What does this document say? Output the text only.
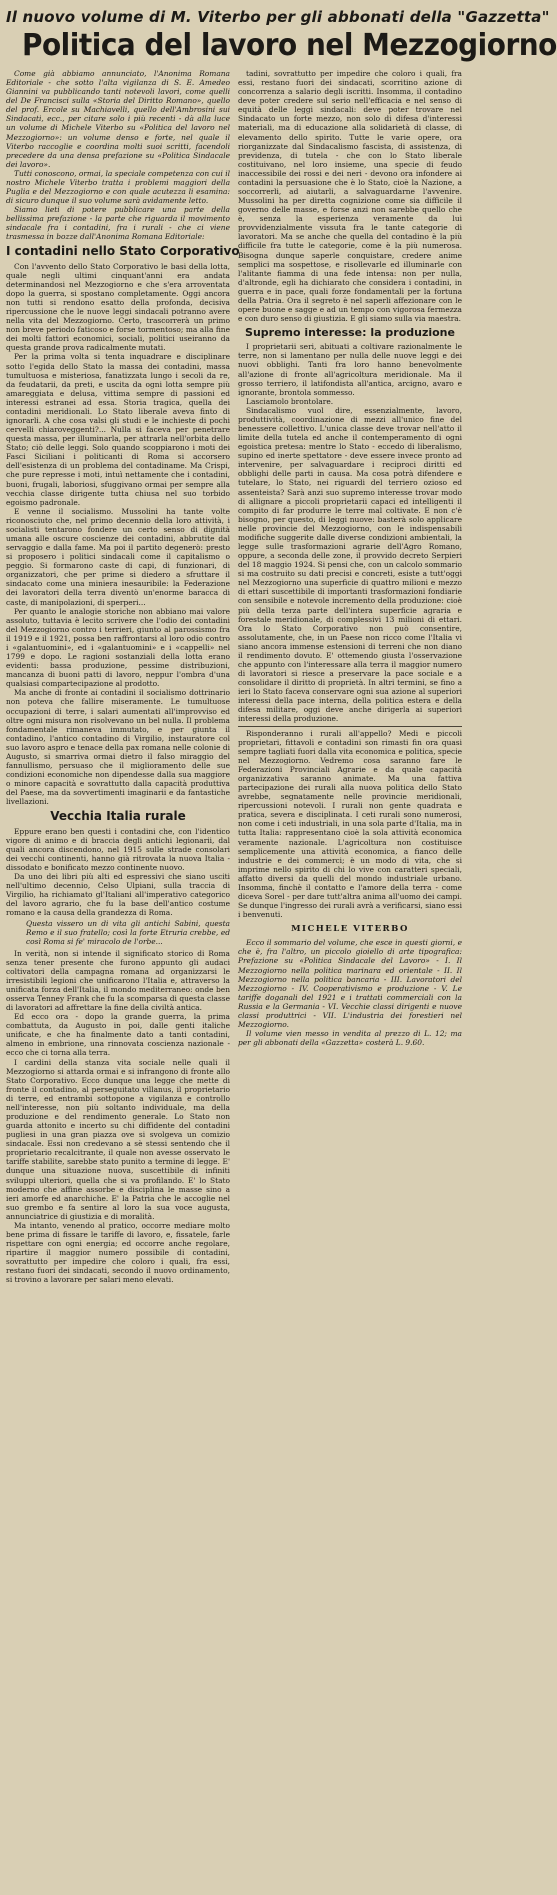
Il nuovo volume di M. Viterbo per gli abbonati della "Gazzetta"
Politica del lavoro nel Mezzogiorno

Come già abbiamo annunciato, l'Anonima Romana Editoriale - che sotto l'alta vigilanza di S. E. Amedeo Giannini va pubblicando tanti notevoli lavori, come quelli del De Francisci sulla «Storia del Diritto Romano», quello del prof. Ercole su Machiavelli, quello dell'Ambrosini sui Sindacati, ecc., per citare solo i più recenti - dà alla luce un volume di Michele Viterbo su «Politica del lavoro nel Mezzogiorno»: un volume denso e forte, nel quale il Viterbo raccoglie e coordina molti suoi scritti, facendoli precedere da una densa prefazione su «Politica Sindacale dei lavoro».

Tutti conoscono, ormai, la speciale competenza con cui il nostro Michele Viterbo tratta i problemi maggiori della Puglia e del Mezzogiorno e con quale acutezza li esamina: di sicuro dunque il suo volume sarà avidamente letto.

Siamo lieti di potere pubblicare una parte della bellissima prefazione - la parte che riguarda il movimento sindacale fra i contadini, fra i rurali - che ci viene trasmessa in bozze dall'Anonima Romana Editoriale:

I contadini nello Stato Corporativo

Con l'avvento dello Stato Corporativo le basi della lotta, quale negli ultimi cinquant'anni era andata determinandosi nel Mezzogiorno e che s'era arroventata dopo la guerra, si spostano completamente. Oggi ancora non tutti si rendono esatto della profonda, decisiva ripercussione che le nuove leggi sindacali potranno avere nella vita del Mezzogiorno. Certo, trascorrerà un primo non breve periodo faticoso e forse tormentoso; ma alla fine dei molti fattori economici, sociali, politici useiranno da questa grande prova radicalmente mutati.

Per la prima volta si tenta inquadrare e disciplinare sotto l'egida dello Stato la massa dei contadini, massa tumultuosa e misteriosa, fanatizzata lungo i secoli da re, da feudatarii, da preti, e uscita da ogni lotta sempre più amareggiata e delusa, vittima sempre di passioni ed interessi estranei ad essa. Storia tragica, quella dei contadini meridionali. Lo Stato liberale aveva finto di ignorarli. A che cosa valsi gli studi e le inchieste di pochi cervelli chiaroveggenti?... Nulla si faceva per penetrare questa massa, per illuminarla, per attrarla nell'orbita dello Stato; ciò delle leggi. Solo quando scoppiarono i moti dei Fasci Siciliani i politicanti di Roma si accorsero dell'esistenza di un problema del contadiname. Ma Crispi, che pure represse i moti, intuì nettamente che i contadini, buoni, frugali, laboriosi, sfuggivano ormai per sempre alla vecchia classe dirigente tutta chiusa nel suo torbido egoismo padronale.

E venne il socialismo. Mussolini ha tante volte riconosciuto che, nel primo decennio della loro attività, i socialisti tentarono fondere un certo senso di dignità umana alle oscure coscienze dei contadini, abbrutite dal servaggio e dalla fame. Ma poi il partito degenerò: presto si proposero i politici sindacali come il capitalismo o peggio. Si formarono caste di capi, di funzionari, di organizzatori, che per prime si diedero a sfruttare il sindacato come una miniera inesauribile: la Federazione dei lavoratori della terra diventò un'enorme baracca di caste, di manipolazioni, di sperperi...

Per quanto le analogie storiche non abbiano mai valore assoluto, tuttavia è lecito scrivere che l'odio dei contadini del Mezzogiorno contro i terrieri, giunto al parossismo fra il 1919 e il 1921, possa ben raffrontarsi al loro odio contro i «galantuomini», ed i «galantuomini» e i «cappelli» nel 1799 e dopo. Le ragioni sostanziali della lotta erano evidenti: bassa produzione, pessime distribuzioni, mancanza di buoni patti di lavoro, neppur l'ombra d'una qualsiasi compartecipazione al prodotto.

Ma anche di fronte ai contadini il socialismo dottrinario non poteva che fallire miseramente. Le tumultuose occupazioni di terre, i salari aumentati all'improvviso ed oltre ogni misura non risolvevano un bel nulla. Il problema fondamentale rimaneva immutato, e per giunta il contadino, l'antico contadino di Virgilio, instauratore col suo lavoro aspro e tenace della pax romana nelle colonie di Augusto, si smarriva ormai dietro il falso miraggio del fannullismo, persuaso che il miglioramento delle sue condizioni economiche non dipendesse dalla sua maggiore o minore capacità e sovrattutto dalla capacità produttiva del Paese, ma da sovvertimenti imaginarii e da fantastiche livellazioni.

Vecchia Italia rurale

Eppure erano ben questi i contadini che, con l'identico vigore di animo e di braccia degli antichi legionarii, dal quali ancora discendono, nel 1915 sulle strade consolari dei vecchi continenti, hanno già ritrovata la nuova Italia - dissodato e bonificato mezzo continente nuovo.

Da uno dei libri più alti ed espressivi che siano usciti nell'ultimo decennio, Celso Ulpiani, sulla traccia di Virgilio, ha richiamato gl'Italiani all'imperativo categorico del lavoro agrario, che fu la base dell'antico costume romano e la causa della grandezza di Roma.

Questa vissero un di vita gli antichi Sabini, questa Remo e il suo fratello; così la forte Etruria crebbe, ed così Roma si fe' miracolo de l'orbe...

In verità, non si intende il significato storico di Roma senza tener presente che furono appunto gli audaci coltivatori della campagna romana ad organizzarsi le irresistibili legioni che unificarono l'Italia e, attraverso la unificata forza dell'Italia, il mondo mediterraneo: onde ben osserva Tenney Frank che fu la scomparsa di questa classe di lavoratori ad affrettare la fine della civiltà antica.

Ed ecco ora - dopo la grande guerra, la prima combattuta, da Augusto in poi, dalle genti italiche unificate, e che ha finalmente dato a tanti contadini, almeno in embrione, una rinnovata coscienza nazionale - ecco che ci torna alla terra.

I cardini della stanza vita sociale nelle quali il Mezzogiorno si attarda ormai e si infrangono di fronte allo Stato Corporativo. Ecco dunque una legge che mette di fronte il contadino, al perseguitato villanus, il proprietario di terre, ed entrambi sottopone a vigilanza e controllo nell'interesse, non più soltanto individuale, ma della produzione e del rendimento generale. Lo Stato non guarda attonito e incerto su chi diffidente del contadini pugliesi in una gran piazza ove si svolgeva un comizio sindacale. Essi non credevano a sè stessi sentendo che il proprietario recalcitrante, il quale non avesse osservato le tariffe stabilite, sarebbe stato punito a termine di legge. E' dunque una situazione nuova, suscettibile di infiniti sviluppi ulteriori, quella che si va profilando. E' lo Stato moderno che affine assorbe e disciplina le masse sino a ieri amorfe ed anarchiche. E' la Patria che le accoglie nel suo grembo e fa sentire al loro la sua voce augusta, annunciatrice di giustizia e di moralità.

Ma intanto, venendo al pratico, occorre mediare molto bene prima di fissare le tariffe di lavoro, e, fissatele, farle rispettare con ogni energia; ed occorre anche regolare, ripartire il maggior numero possibile di contadini, sovrattutto per impedire che coloro i quali, fra essi, restano fuori dei sindacati, secondo il nuovo ordinamento, si trovino a lavorare per salari meno elevati.

tadini, sovrattutto per impedire che coloro i quali, fra essi, restano fuori dei sindacati, scorritino azione di concorrenza a salario degli iscritti. Insomma, il contadino deve poter credere sul serio nell'efficacia e nel senso di equità delle leggi sindacali: deve poter trovare nel Sindacato un forte mezzo, non solo di difesa d'interessi materiali, ma di educazione alla solidarietà di classe, di elevamento dello spirito. Tutte le varie opere, ora riorganizzate dal Sindacalismo fascista, di assistenza, di previdenza, di tutela - che con lo Stato liberale costituivano, nel loro insieme, una specie di feudo inaccessibile dei rossi e dei neri - devono ora infondere ai contadini la persuasione che è lo Stato, cioè la Nazione, a soccorrerli, ad aiutarli, a salvaguardarne l'avvenire. Mussolini ha per diretta cognizione come sia difficile il governo delle masse, e forse anzi non sarebbe quello che è, senza la esperienza veramente da lui provvidenzialmente vissuta fra le tante categorie di lavoratori. Ma se anche che quella del contadino è la più difficile fra tutte le categorie, come è la più numerosa. Bisogna dunque saperle conquistare, credere anime semplici ma sospettose, e risollevarle ed illuminarle con l'alitante fiamma di una fede intensa: non per nulla, d'altronde, egli ha dichiarato che considera i contadini, in guerra e in pace, quali forze fondamentali per la fortuna della Patria. Ora il segreto è nel saperli affezionare con le opere buone e sagge e ad un tempo con vigorosa fermezza e con duro senso di giustizia. E gli siamo sulla via maestra.

Supremo interesse: la produzione

I proprietarii seri, abituati a coltivare razionalmente le terre, non si lamentano per nulla delle nuove leggi e dei nuovi obblighi. Tanti fra loro hanno benevolmente all'azione di fronte all'agricoltura meridionale. Ma il grosso terriero, il latifondista all'antica, arcigno, avaro e ignorante, brontola sommesso.

Lasciamolo brontolare.

Sindacalismo vuol dire, essenzialmente, lavoro, produttività, coordinazione di mezzi all'unico fine del benessere collettivo. L'unica classe deve trovar nell'atto il limite della tutela ed anche il contemperamento di ogni egoistica pretesa: mentre lo Stato - eccedo di liberalismo, supino ed inerte spettatore - deve essere invece pronto ad intervenire, per salvaguardare i reciproci diritti ed obblighi delle parti in causa. Ma cosa potrà difendere e tutelare, lo Stato, nei riguardi del terriero ozioso ed assenteista? Sarà anzi suo supremo interesse trovar modo di allignare a piccoli proprietarii capaci ed intelligenti il compito di far produrre le terre mal coltivate. E non c'è bisogno, per questo, di leggi nuove: basterà solo applicare nelle provincie del Mezzogiorno, con le indispensabili modifiche suggerite dalle diverse condizioni ambientali, la legge sulle trasformazioni agrarie dell'Agro Romano, oppure, a seconda delle zone, il provvido decreto Serpieri del 18 maggio 1924. Si pensi che, con un calcolo sommario si ma costruito su dati precisi e concreti, esiste a tutt'oggi nel Mezzogiorno una superficie di quattro milioni e mezzo di ettari suscettibile di importanti trasformazioni fondiarie con sensibile e notevole incremento della produzione: cioè più della terza parte dell'intera superficie agraria e forestale meridionale, di complessivi 13 milioni di ettari. Ora lo Stato Corporativo non può consentire, assolutamente, che, in un Paese non ricco come l'Italia vi siano ancora immense estensioni di terreni che non diano il rendimento dovuto. E' ottemendo giusta l'osservazione che appunto con l'interessare alla terra il maggior numero di lavoratori si riesce a preservare la pace sociale e a consolidare il diritto di proprietà. In altri termini, se fino a ieri lo Stato faceva conservare ogni sua azione al superiori interessi della pace interna, della politica estera e della difesa militare, oggi deve anche dirigerla ai superiori interessi della produzione.

Risponderanno i rurali all'appello? Medi e piccoli proprietari, fittavoli e contadini son rimasti fin ora quasi sempre tagliati fuori dalla vita economica e politica, specie nel Mezzogiorno. Vedremo cosa saranno fare le Federazioni Provinciali Agrarie e da quale capacità organizzativa saranno animate. Ma una fattiva partecipazione dei rurali alla nuova politica dello Stato avrebbe, segnatamente nelle provincie meridionali, ripercussioni notevoli. I rurali non gente quadrata e pratica, severa e disciplinata. I ceti rurali sono numerosi, non come i ceti industriali, in una sola parte d'Italia, ma in tutta Italia: rappresentano cioè la sola attività economica veramente nazionale. L'agricoltura non costituisce semplicemente una attività economica, a fianco delle industrie e dei commerci; è un modo di vita, che si imprime nello spirito di chi lo vive con caratteri speciali, affatto diversi da quelli del mondo industriale urbano. Insomma, finchè il contatto e l'amore della terra - come diceva Sorel - per dare tutt'altra anima all'uomo dei campi. Se dunque l'ingresso dei rurali avrà a verificarsi, siano essi i benvenuti.

MICHELE VITERBO

Ecco il sommario del volume, che esce in questi giorni, e che è, fra l'altro, un piccolo gioiello di arte tipografica: Prefazione su «Politica Sindacale del Lavoro» - I. Il Mezzogiorno nella politica marinara ed orientale - II. Il Mezzogiorno nella politica bancaria - III. Lavoratori del Mezzogiorno - IV. Cooperativismo e produzione - V. Le tariffe doganali del 1921 e i trattati commerciali con la Russia e la Germania - VI. Vecchie classi dirigenti e nuove classi produttrici - VII. L'industria dei forestieri nel Mezzogiorno.

Il volume vien messo in vendita al prezzo di L. 12; ma per gli abbonati della «Gazzetta» costerà L. 9.60.
